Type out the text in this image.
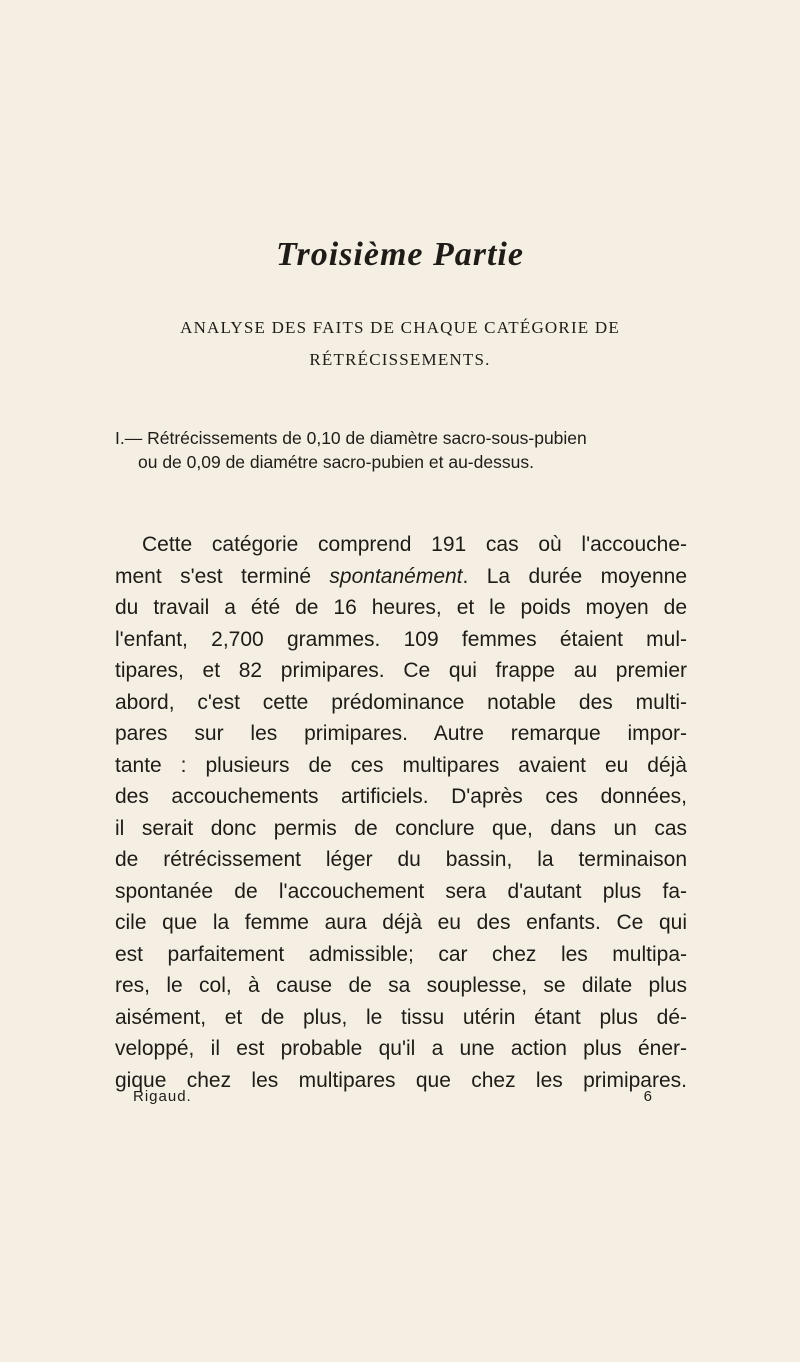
Troisième Partie
ANALYSE DES FAITS DE CHAQUE CATÉGORIE DE
RÉTRÉCISSEMENTS.
I.— Rétrécissements de 0,10 de diamètre sacro-sous-pubien
ou de 0,09 de diamétre sacro-pubien et au-dessus.
Cette catégorie comprend 191 cas où l'accouche-
ment s'est terminé spontanément. La durée moyenne
du travail a été de 16 heures, et le poids moyen de
l'enfant, 2,700 grammes. 109 femmes étaient mul-
tipares, et 82 primipares. Ce qui frappe au premier
abord, c'est cette prédominance notable des multi-
pares sur les primipares. Autre remarque impor-
tante : plusieurs de ces multipares avaient eu déjà
des accouchements artificiels. D'après ces données,
il serait donc permis de conclure que, dans un cas
de rétrécissement léger du bassin, la terminaison
spontanée de l'accouchement sera d'autant plus fa-
cile que la femme aura déjà eu des enfants. Ce qui
est parfaitement admissible; car chez les multipa-
res, le col, à cause de sa souplesse, se dilate plus
aisément, et de plus, le tissu utérin étant plus dé-
veloppé, il est probable qu'il a une action plus éner-
gique chez les multipares que chez les primipares.
Rigaud.	6
